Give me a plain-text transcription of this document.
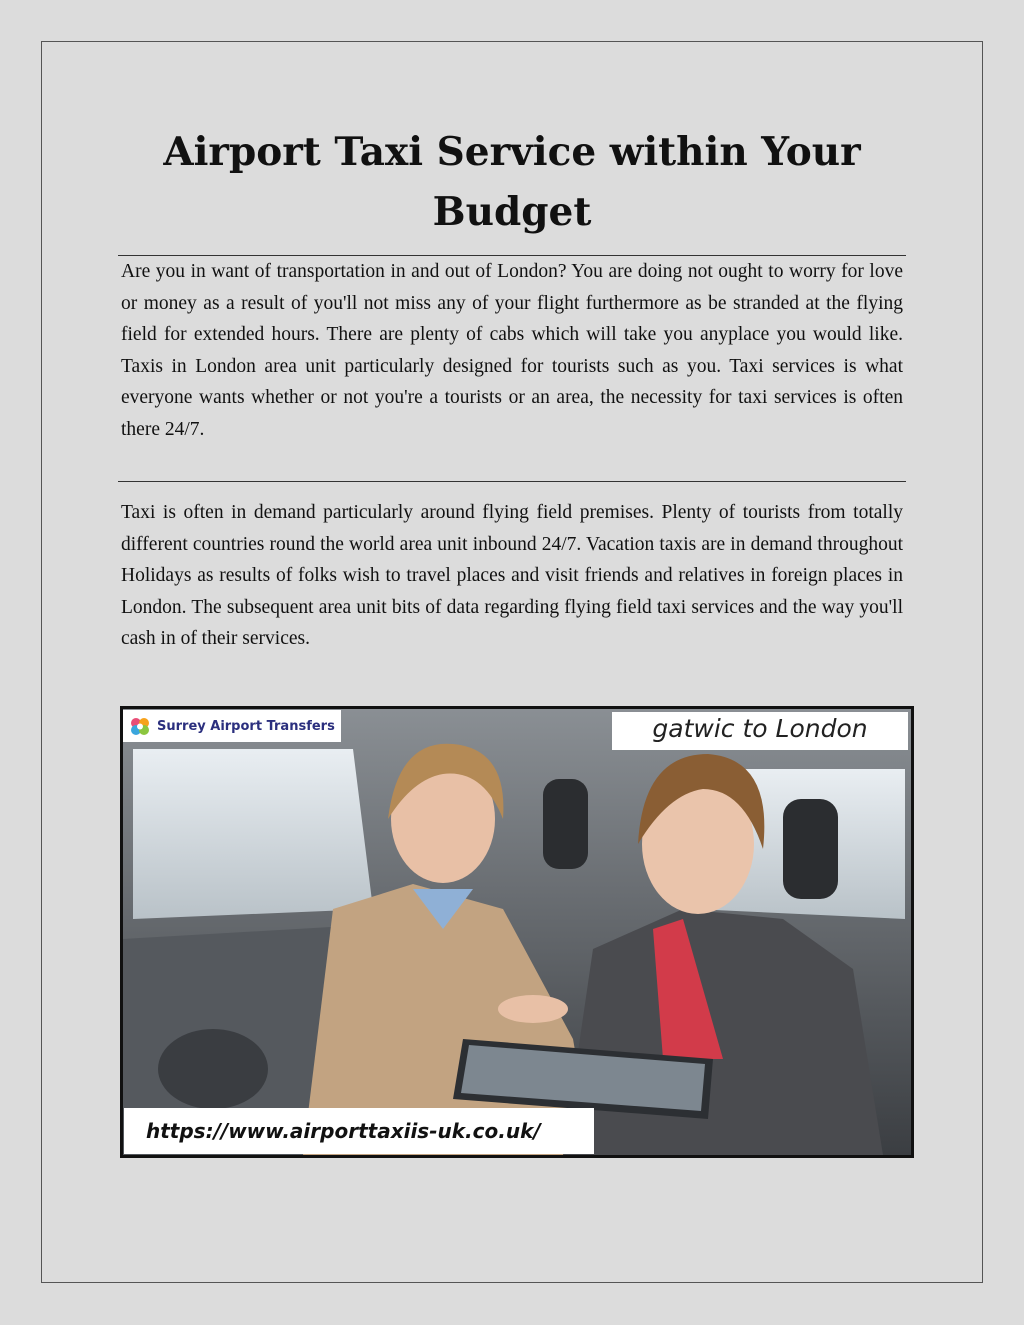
Airport Taxi Service within Your
Budget

Are you in want of transportation in and out of London? You are doing not ought to worry for love or money as a result of you'll not miss any of your flight furthermore as be stranded at the flying field for extended hours. There are plenty of cabs which will take you anyplace you would like. Taxis in London area unit particularly designed for tourists such as you. Taxi services is what everyone wants whether or not you're a tourists or an area, the necessity for taxi services is often there 24/7.

Taxi is often in demand particularly around flying field premises. Plenty of tourists from totally different countries round the world area unit inbound 24/7. Vacation taxis are in demand throughout Holidays as results of folks wish to travel places and visit friends and relatives in foreign places in London. The subsequent area unit bits of data regarding flying field taxi services and the way you'll cash in of their services.

Surrey Airport Transfers	gatwic to London
https://www.airporttaxiis-uk.co.uk/
